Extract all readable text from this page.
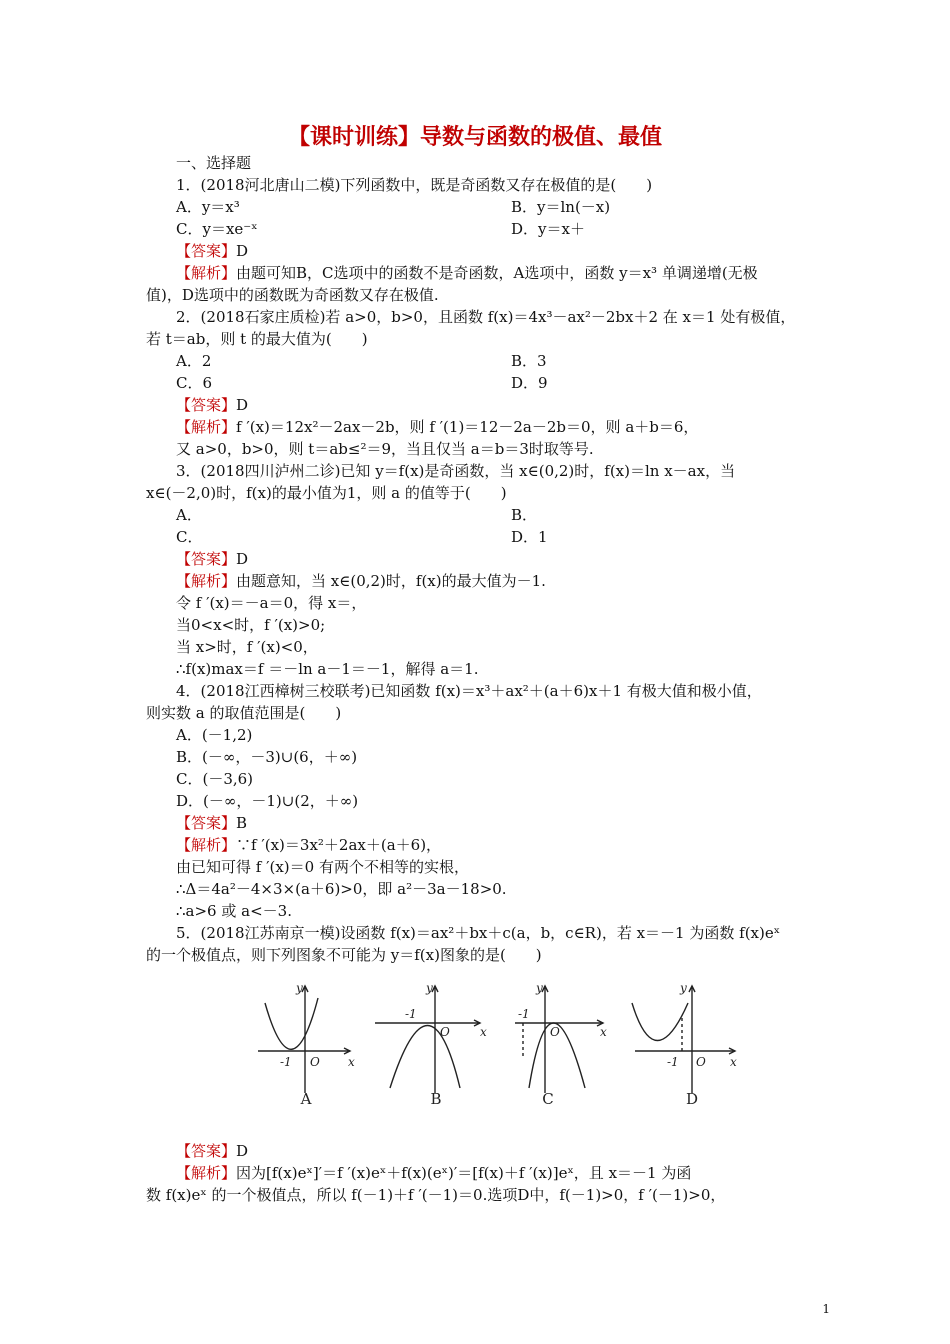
【课时训练】导数与函数的极值、最值
一、选择题
1．(2018河北唐山二模)下列函数中，既是奇函数又存在极值的是(　　)
A．y＝x³	B．y＝ln(－x)
C．y＝xe⁻ˣ	D．y＝x＋
【答案】D
【解析】由题可知B，C选项中的函数不是奇函数，A选项中，函数 y＝x³ 单调递增(无极
值)，D选项中的函数既为奇函数又存在极值.
2．(2018石家庄质检)若 a>0，b>0，且函数 f(x)＝4x³－ax²－2bx＋2 在 x＝1 处有极值，
若 t＝ab，则 t 的最大值为(　　)
A．2	B．3
C．6	D．9
【答案】D
【解析】f ′(x)＝12x²－2ax－2b，则 f ′(1)＝12－2a－2b＝0，则 a＋b＝6，
又 a>0，b>0，则 t＝ab≤²＝9，当且仅当 a＝b＝3时取等号.
3．(2018四川泸州二诊)已知 y＝f(x)是奇函数，当 x∈(0,2)时，f(x)＝ln x－ax，当
x∈(－2,0)时，f(x)的最小值为1，则 a 的值等于(　　)
A．	B．
C．	D．1
【答案】D
【解析】由题意知，当 x∈(0,2)时，f(x)的最大值为－1.
令 f ′(x)＝－a＝0，得 x＝，
当0<x<时，f ′(x)>0;
当 x>时，f ′(x)<0，
∴f(x)max＝f ＝－ln a－1＝－1，解得 a＝1.
4．(2018江西樟树三校联考)已知函数 f(x)＝x³＋ax²＋(a＋6)x＋1 有极大值和极小值，
则实数 a 的取值范围是(　　)
A．(－1,2)
B．(－∞，－3)∪(6，＋∞)
C．(－3,6)
D．(－∞，－1)∪(2，＋∞)
【答案】B
【解析】∵f ′(x)＝3x²＋2ax＋(a＋6)，
由已知可得 f ′(x)＝0 有两个不相等的实根，
∴Δ＝4a²－4×3×(a＋6)>0，即 a²－3a－18>0.
∴a>6 或 a<－3.
5．(2018江苏南京一模)设函数 f(x)＝ax²＋bx＋c(a，b，c∈R)，若 x＝－1 为函数 f(x)eˣ
的一个极值点，则下列图象不可能为 y＝f(x)图象的是(　　)
【答案】D
【解析】因为[f(x)eˣ]′＝f ′(x)eˣ＋f(x)(eˣ)′＝[f(x)＋f ′(x)]eˣ，且 x＝－1 为函
数 f(x)eˣ 的一个极值点，所以 f(－1)＋f ′(－1)＝0.选项D中，f(－1)>0，f ′(－1)>0，
y
x
O
-1
y
x
O
-1
y
x
O
-1
y
x
O
-1
A	B	C	D
1
